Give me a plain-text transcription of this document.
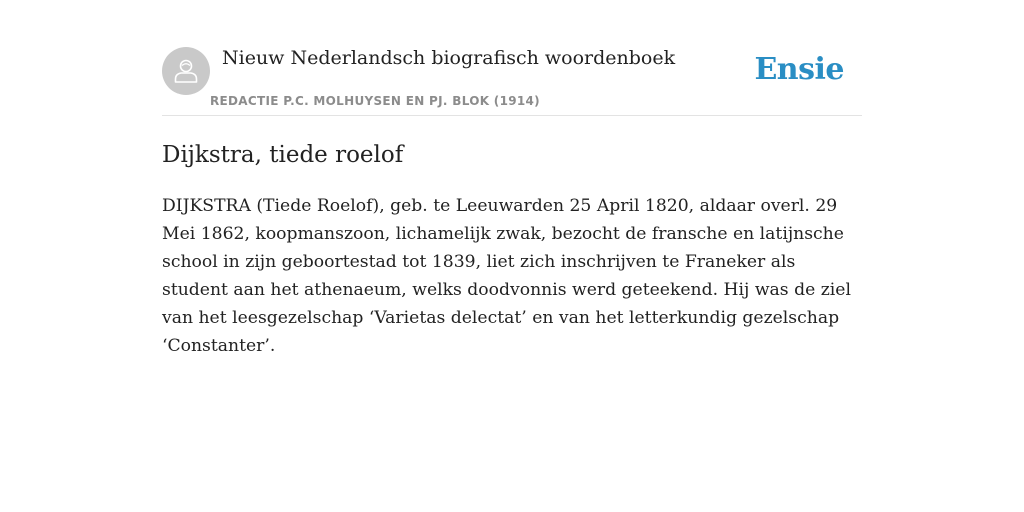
Nieuw Nederlandsch biografisch woordenboek
REDACTIE P.C. MOLHUYSEN EN PJ. BLOK (1914)
Ensie
Dijkstra, tiede roelof

DIJKSTRA (Tiede Roelof), geb. te Leeuwarden 25 April 1820, aldaar overl. 29 Mei 1862, koopmanszoon, lichamelijk zwak, bezocht de fransche en latijnsche school in zijn geboortestad tot 1839, liet zich inschrijven te Franeker als student aan het athenaeum, welks doodvonnis werd geteekend. Hij was de ziel van het leesgezelschap ‘Varietas delectat’ en van het letterkundig gezelschap ‘Constanter’.
